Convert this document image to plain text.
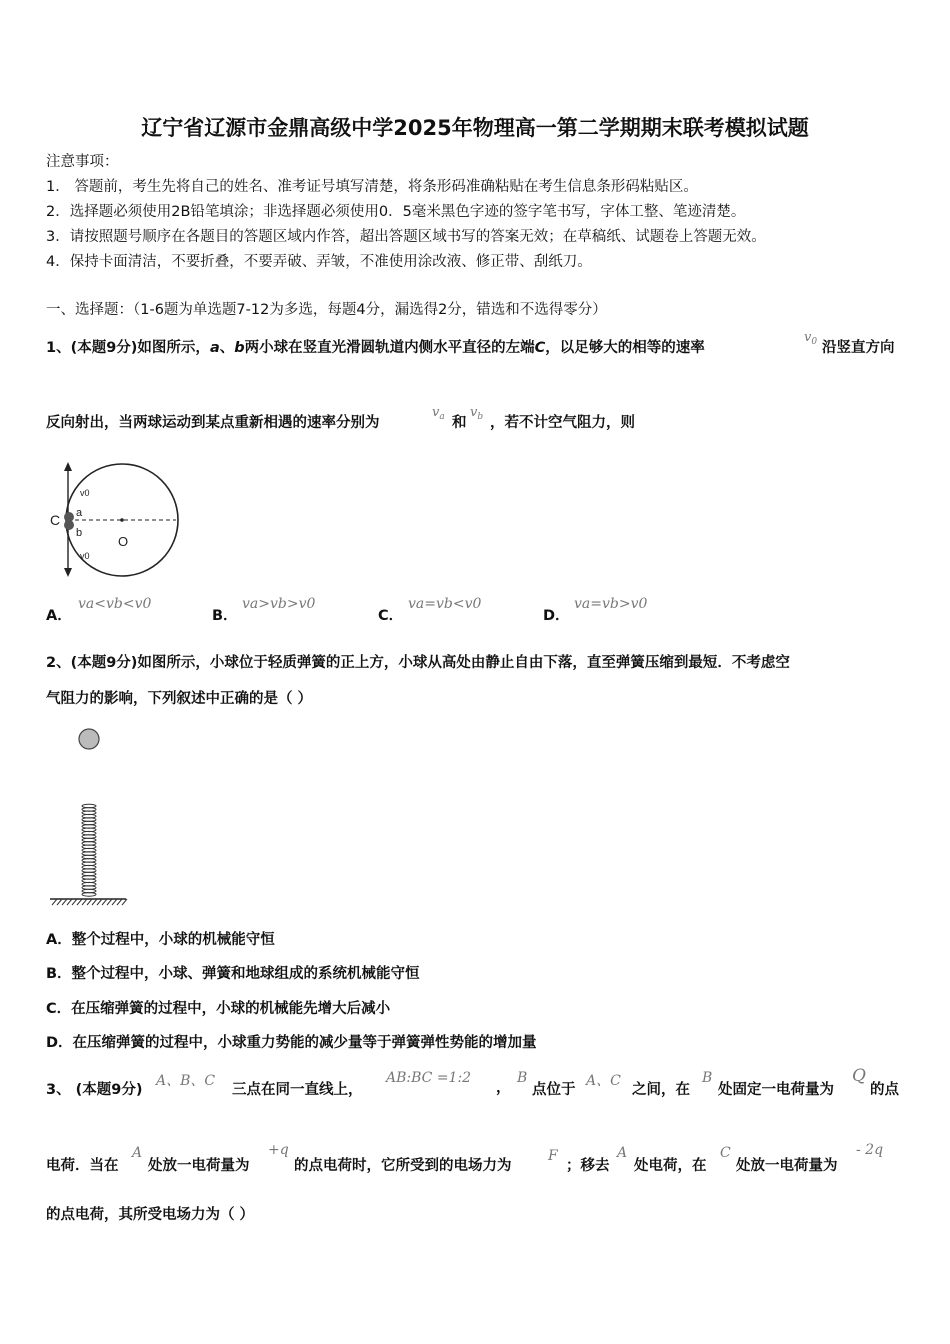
辽宁省辽源市金鼎高级中学2025年物理高一第二学期期末联考模拟试题
注意事项：
1． 答题前，考生先将自己的姓名、准考证号填写清楚，将条形码准确粘贴在考生信息条形码粘贴区。
2．选择题必须使用2B铅笔填涂；非选择题必须使用0．5毫米黑色字迹的签字笔书写，字体工整、笔迹清楚。
3．请按照题号顺序在各题目的答题区域内作答，超出答题区域书写的答案无效；在草稿纸、试题卷上答题无效。
4．保持卡面清洁，不要折叠，不要弄破、弄皱，不准使用涂改液、修正带、刮纸刀。
一、选择题：（1-6题为单选题7-12为多选，每题4分，漏选得2分，错选和不选得零分）
1、(本题9分)如图所示，a、b两小球在竖直光滑圆轨道内侧水平直径的左端C，以足够大的相等的速率
$v_0$ 沿竖直方向
反向射出，当两球运动到某点重新相遇的速率分别为
$v_a$ 和
$v_b$ ，若不计空气阻力，则
C a
b
O
v0
v0
A．
va<vb<v0
B．
va>vb>v0
C．
va=vb<v0
D．
va=vb>v0
2、(本题9分)如图所示，小球位于轻质弹簧的正上方，小球从高处由静止自由下落，直至弹簧压缩到最短．不考虑空
气阻力的影响，下列叙述中正确的是（ ）
A．整个过程中，小球的机械能守恒
B．整个过程中，小球、弹簧和地球组成的系统机械能守恒
C．在压缩弹簧的过程中，小球的机械能先增大后减小
D．在压缩弹簧的过程中，小球重力势能的减少量等于弹簧弹性势能的增加量
3、 (本题9分)
A、B、C
三点在同一直线上，
AB:BC =1:2
，
B
点位于
A、C
之间，在
B
处固定一电荷量为
Q
的点
电荷．当在
A
处放一电荷量为
+q
的点电荷时，它所受到的电场力为
F
；移去
A
处电荷，在
C
处放一电荷量为
- 2q
的点电荷，其所受电场力为（ ）
